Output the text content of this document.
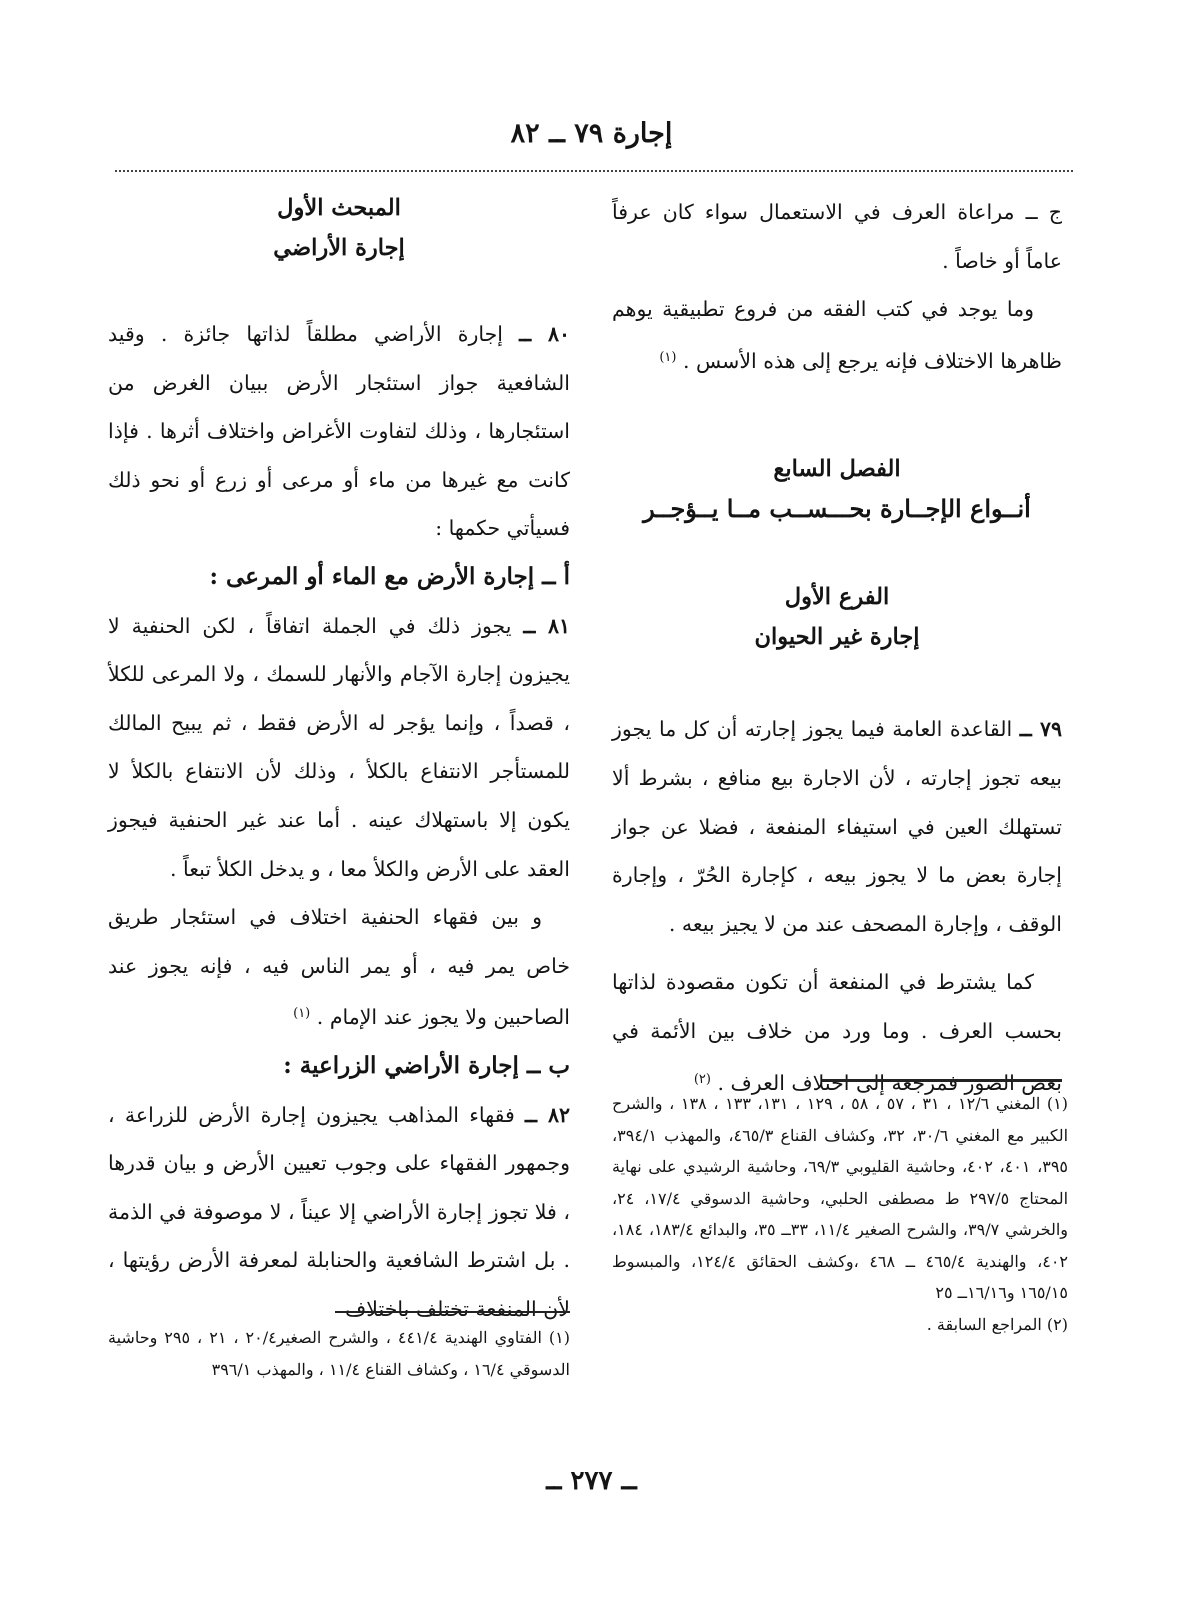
إجارة ٧٩ ــ ٨٢

ج ــ مراعاة العرف في الاستعمال سواء كان عرفاً عاماً أو خاصاً .

وما يوجد في كتب الفقه من فروع تطبيقية يوهم ظاهرها الاختلاف فإنه يرجع إلى هذه الأسس . $^{(١)}$

الفصل السابع

أنــواع الإجــارة بحـــســب مــا يــؤجــر

الفرع الأول

إجارة غير الحيوان

٧٩ ــ القاعدة العامة فيما يجوز إجارته أن كل ما يجوز بيعه تجوز إجارته ، لأن الاجارة بيع منافع ، بشرط ألا تستهلك العين في استيفاء المنفعة ، فضلا عن جواز إجارة بعض ما لا يجوز بيعه ، كإجارة الحُرّ ، وإجارة الوقف ، وإجارة المصحف عند من لا يجيز بيعه .

كما يشترط في المنفعة أن تكون مقصودة لذاتها بحسب العرف . وما ورد من خلاف بين الأئمة في بعض الصور فمرجعه إلى اختلاف العرف . $^{(٢)}$

المبحث الأول

إجارة الأراضي

٨٠ ــ إجارة الأراضي مطلقاً لذاتها جائزة . وقيد الشافعية جواز استئجار الأرض ببيان الغرض من استئجارها ، وذلك لتفاوت الأغراض واختلاف أثرها . فإذا كانت مع غيرها من ماء أو مرعى أو زرع أو نحو ذلك فسيأتي حكمها :

أ ــ إجارة الأرض مع الماء أو المرعى :

٨١ ــ يجوز ذلك في الجملة اتفاقاً ، لكن الحنفية لا يجيزون إجارة الآجام والأنهار للسمك ، ولا المرعى للكلأ ، قصداً ، وإنما يؤجر له الأرض فقط ، ثم يبيح المالك للمستأجر الانتفاع بالكلأ ، وذلك لأن الانتفاع بالكلأ لا يكون إلا باستهلاك عينه . أما عند غير الحنفية فيجوز العقد على الأرض والكلأ معا ، و يدخل الكلأ تبعاً .

و بين فقهاء الحنفية اختلاف في استئجار طريق خاص يمر فيه ، أو يمر الناس فيه ، فإنه يجوز عند الصاحبين ولا يجوز عند الإمام . $^{(١)}$

ب ــ إجارة الأراضي الزراعية :

٨٢ ــ فقهاء المذاهب يجيزون إجارة الأرض للزراعة ، وجمهور الفقهاء على وجوب تعيين الأرض و بيان قدرها ، فلا تجوز إجارة الأراضي إلا عيناً ، لا موصوفة في الذمة . بل اشترط الشافعية والحنابلة لمعرفة الأرض رؤيتها ، لأن المنفعة تختلف باختلاف

(١) المغني ١٢/٦ ، ٣١ ، ٥٧ ، ٥٨ ، ١٢٩ ، ١٣١، ١٣٣ ، ١٣٨ ، والشرح الكبير مع المغني ٣٠/٦، ٣٢، وكشاف القناع ٤٦٥/٣، والمهذب ٣٩٤/١، ٣٩٥، ٤٠١، ٤٠٢، وحاشية القليوبي ٦٩/٣، وحاشية الرشيدي على نهاية المحتاج ٢٩٧/٥ ط مصطفى الحلبي، وحاشية الدسوقي ١٧/٤، ٢٤، والخرشي ٣٩/٧، والشرح الصغير ١١/٤، ٣٣ــ ٣٥، والبدائع ١٨٣/٤، ١٨٤، ٤٠٢، والهندية ٤٦٥/٤ ــ ٤٦٨ ،وكشف الحقائق ١٢٤/٤، والمبسوط ١٦٥/١٥ و١٦/١٦ــ ٢٥

(٢) المراجع السابقة .

(١) الفتاوي الهندية ٤٤١/٤ ، والشرح الصغير٢٠/٤ ، ٢١ ، ٢٩٥ وحاشية الدسوقي ١٦/٤ ، وكشاف القناع ١١/٤ ، والمهذب ٣٩٦/١

ــ ٢٧٧ ــ
